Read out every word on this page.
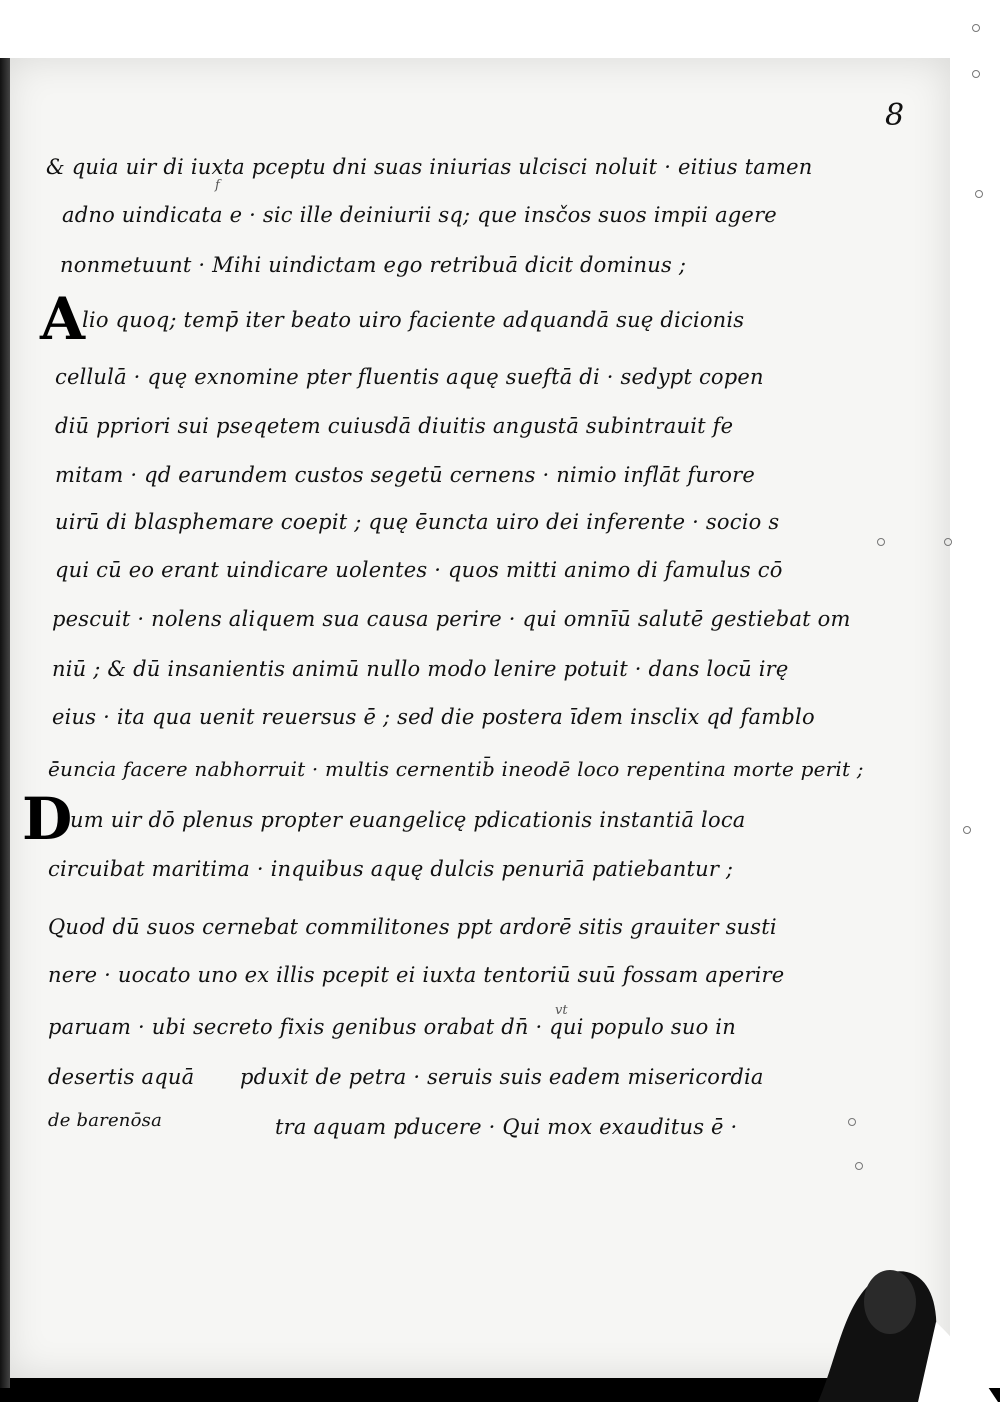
8
f
vt
A
D
& quia uir di iuxta pceptu dni suas iniurias ulcisci noluit · eitius tamen
adno uindicata e · sic ille deiniurii sq; que insčos suos impii agere
nonmetuunt · Mihi uindictam ego retribuā dicit dominus ;
lio quoq; temp̄ iter beato uiro faciente adquandā suę dicionis
cellulā · quę exnomine pter fluentis aquę sueftā di · sedypt copen
diū ppriori sui pseqetem cuiusdā diuitis angustā subintrauit fe
mitam · qd earundem custos segetū cernens · nimio inflāt furore
uirū di blasphemare coepit ; quę ē̄uncta uiro dei inferente · socio s
qui cū eo erant uindicare uolentes · quos mitti animo di famulus cō
pescuit · nolens aliquem sua causa perire · qui omnīū salutē gestiebat om
niū ; & dū insanientis animū nullo modo lenire potuit · dans locū irę
eius · ita qua uenit reuersus ē ; sed die postera īdem insclix qd famblo
ē̄uncia facere nabhorruit · multis cernentib̄ ineodē loco repentina morte perit ;
um uir dō plenus propter euangelicę pdicationis instantiā loca
circuibat maritima · inquibus aquę dulcis penuriā patiebantur ;
Quod dū suos cernebat commilitones ppt ardorē sitis grauiter susti
nere · uocato uno ex illis pcepit ei iuxta tentoriū suū fossam aperire
paruam · ubi secreto fixis genibus orabat dn̄ · qui populo suo in
desertis aquā pduxit de petra · seruis suis eadem misericordia
de barenōsa	tra aquam pducere · Qui mox exauditus ē ·
